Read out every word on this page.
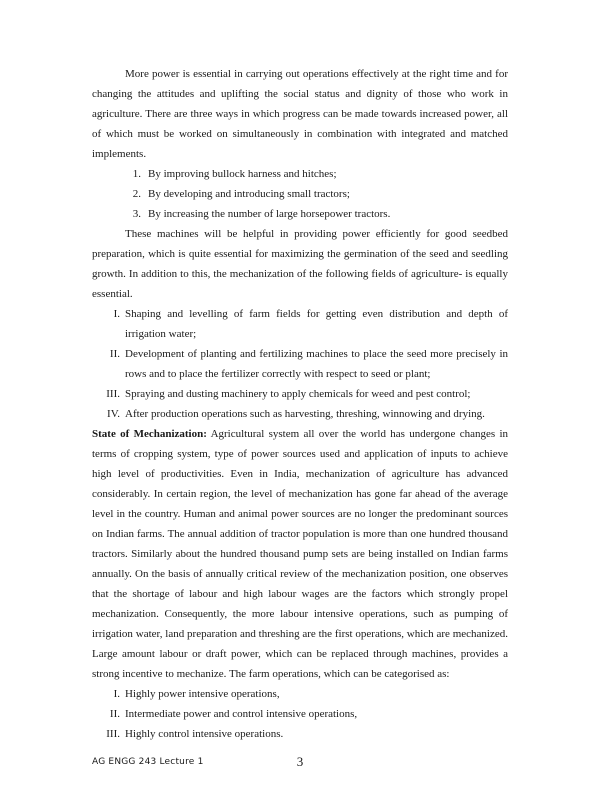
More power is essential in carrying out operations effectively at the right time and for changing the attitudes and uplifting the social status and dignity of those who work in agriculture. There are three ways in which progress can be made towards increased power, all of which must be worked on simultaneously in combination with integrated and matched implements.

1. By improving bullock harness and hitches;
2. By developing and introducing small tractors;
3. By increasing the number of large horsepower tractors.

These machines will be helpful in providing power efficiently for good seedbed preparation, which is quite essential for maximizing the germination of the seed and seedling growth. In addition to this, the mechanization of the following fields of agriculture- is equally essential.

I. Shaping and levelling of farm fields for getting even distribution and depth of irrigation water;
II. Development of planting and fertilizing machines to place the seed more precisely in rows and to place the fertilizer correctly with respect to seed or plant;
III. Spraying and dusting machinery to apply chemicals for weed and pest control;
IV. After production operations such as harvesting, threshing, winnowing and drying.

State of Mechanization: Agricultural system all over the world has undergone changes in terms of cropping system, type of power sources used and application of inputs to achieve high level of productivities. Even in India, mechanization of agriculture has advanced considerably. In certain region, the level of mechanization has gone far ahead of the average level in the country. Human and animal power sources are no longer the predominant sources on Indian farms. The annual addition of tractor population is more than one hundred thousand tractors. Similarly about the hundred thousand pump sets are being installed on Indian farms annually. On the basis of annually critical review of the mechanization position, one observes that the shortage of labour and high labour wages are the factors which strongly propel mechanization. Consequently, the more labour intensive operations, such as pumping of irrigation water, land preparation and threshing are the first operations, which are mechanized. Large amount labour or draft power, which can be replaced through machines, provides a strong incentive to mechanize. The farm operations, which can be categorised as:

I. Highly power intensive operations,
II. Intermediate power and control intensive operations,
III. Highly control intensive operations.
AG ENGG 243 Lecture 1	3
